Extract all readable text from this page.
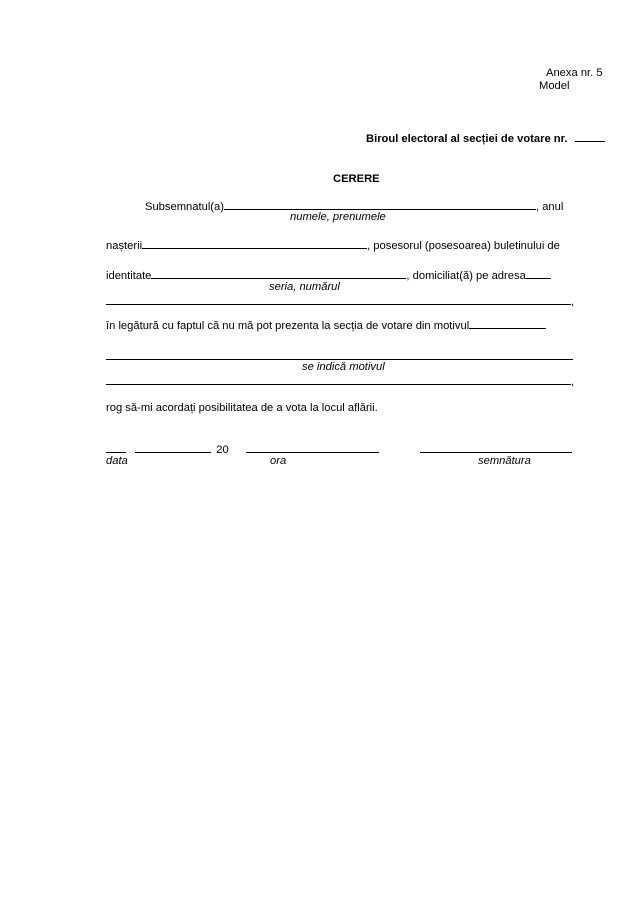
Anexa nr. 5
Model
Biroul electoral al secției de votare nr.
CERERE
Subsemnatul(a)	, anul
numele, prenumele
nașterii	, posesorul (posesoarea) buletinului de
identitate	, domiciliat(ă) pe adresa
seria, numărul
,
în legătură cu faptul că nu mă pot prezenta la secția de votare din motivul
se indică motivul
,
rog să-mi acordați posibilitatea de a vota la locul aflării.
20
data	ora	semnătura
